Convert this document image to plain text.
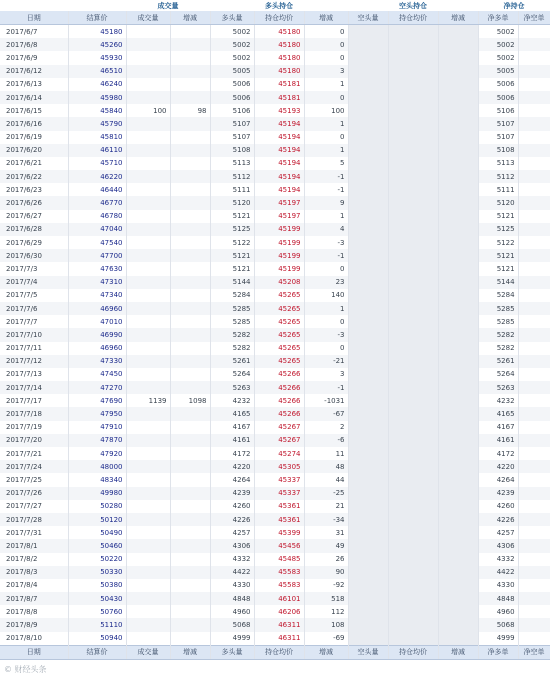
		成交量		多头持仓			空头持仓			净持仓	
日期	结算价	成交量	增减	多头量	持仓均价	增减	空头量	持仓均价	增减	净多单	净空单
2017/6/7	45180			5002	45180	0				5002	
2017/6/8	45260			5002	45180	0				5002	
2017/6/9	45930			5002	45180	0				5002	
2017/6/12	46510			5005	45180	3				5005	
2017/6/13	46240			5006	45181	1				5006	
2017/6/14	45980			5006	45181	0				5006	
2017/6/15	45840	100	98	5106	45193	100				5106	
2017/6/16	45790			5107	45194	1				5107	
2017/6/19	45810			5107	45194	0				5107	
2017/6/20	46110			5108	45194	1				5108	
2017/6/21	45710			5113	45194	5				5113	
2017/6/22	46220			5112	45194	-1				5112	
2017/6/23	46440			5111	45194	-1				5111	
2017/6/26	46770			5120	45197	9				5120	
2017/6/27	46780			5121	45197	1				5121	
2017/6/28	47040			5125	45199	4				5125	
2017/6/29	47540			5122	45199	-3				5122	
2017/6/30	47700			5121	45199	-1				5121	
2017/7/3	47630			5121	45199	0				5121	
2017/7/4	47310			5144	45208	23				5144	
2017/7/5	47340			5284	45265	140				5284	
2017/7/6	46960			5285	45265	1				5285	
2017/7/7	47010			5285	45265	0				5285	
2017/7/10	46990			5282	45265	-3				5282	
2017/7/11	46960			5282	45265	0				5282	
2017/7/12	47330			5261	45265	-21				5261	
2017/7/13	47450			5264	45266	3				5264	
2017/7/14	47270			5263	45266	-1				5263	
2017/7/17	47690	1139	1098	4232	45266	-1031				4232	
2017/7/18	47950			4165	45266	-67				4165	
2017/7/19	47910			4167	45267	2				4167	
2017/7/20	47870			4161	45267	-6				4161	
2017/7/21	47920			4172	45274	11				4172	
2017/7/24	48000			4220	45305	48				4220	
2017/7/25	48340			4264	45337	44				4264	
2017/7/26	49980			4239	45337	-25				4239	
2017/7/27	50280			4260	45361	21				4260	
2017/7/28	50120			4226	45361	-34				4226	
2017/7/31	50490			4257	45399	31				4257	
2017/8/1	50460			4306	45456	49				4306	
2017/8/2	50220			4332	45485	26				4332	
2017/8/3	50330			4422	45583	90				4422	
2017/8/4	50380			4330	45583	-92				4330	
2017/8/7	50430			4848	46101	518				4848	
2017/8/8	50760			4960	46206	112				4960	
2017/8/9	51110			5068	46311	108				5068	
2017/8/10	50940			4999	46311	-69				4999	
日期	结算价	成交量	增减	多头量	持仓均价	增减	空头量	持仓均价	增减	净多单	净空单
© 财经头条
